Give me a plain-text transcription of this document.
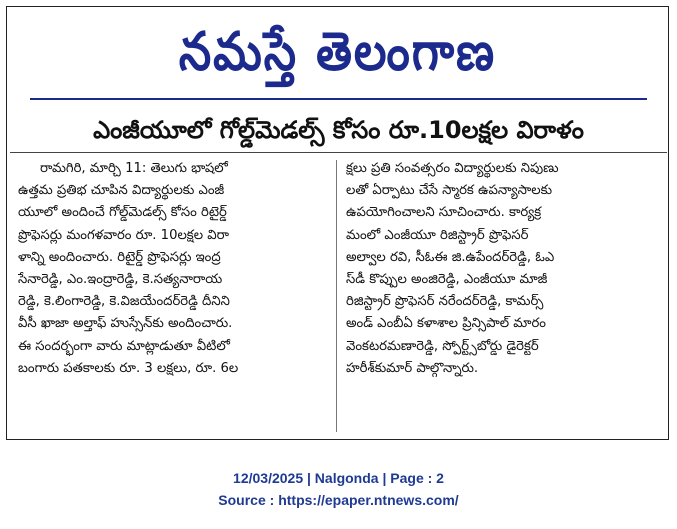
నమస్తే తెలంగాణ
ఎంజీయూలో గోల్డ్‌మెడల్స్ కోసం రూ.10లక్షల విరాళం
రామగిరి, మార్చి 11: తెలుగు భాషలో
ఉత్తమ ప్రతిభ చూపిన విద్యార్థులకు ఎంజీ
యూలో అందించే గోల్డ్‌మెడల్స్ కోసం రిటైర్డ్
ప్రొఫెసర్లు మంగళవారం రూ. 10లక్షల విరా
ళాన్ని అందించారు. రిటైర్డ్ ప్రొఫెసర్లు ఇంద్ర
సేనారెడ్డి, ఎం.ఇంద్రారెడ్డి, కె.సత్యనారాయ
రెడ్డి, కె.లింగారెడ్డి, కె.విజయేందర్‌రెడ్డి దీనిని
వీసీ ఖాజా అల్తాఫ్ హుస్సేన్‌కు అందించారు.
ఈ సందర్భంగా వారు మాట్లాడుతూ వీటిలో
బంగారు పతకాలకు రూ. 3 లక్షలు, రూ. 6ల
క్షలు ప్రతి సంవత్సరం విద్యార్థులకు నిపుణు
లతో ఏర్పాటు చేసే స్మారక ఉపన్యాసాలకు
ఉపయోగించాలని సూచించారు. కార్యక్ర
మంలో ఎంజీయూ రిజిస్ట్రార్ ప్రొఫెసర్
అల్వాల రవి, సీఓఈ జి.ఉపేందర్‌రెడ్డి, ఓఎ
స్‌డీ కొప్పుల అంజిరెడ్డి, ఎంజీయూ మాజీ
రిజిస్ట్రార్ ప్రొఫెసర్ నరేందర్‌రెడ్డి, కామర్స్
అండ్ ఎంబీఏ కళాశాల ప్రిన్సిపాల్ మారం
వెంకటరమణారెడ్డి, స్పోర్ట్స్‌బోర్డు డైరెక్టర్
హరీశ్‌కుమార్ పాల్గొన్నారు.
12/03/2025 | Nalgonda | Page : 2
Source : https://epaper.ntnews.com/
